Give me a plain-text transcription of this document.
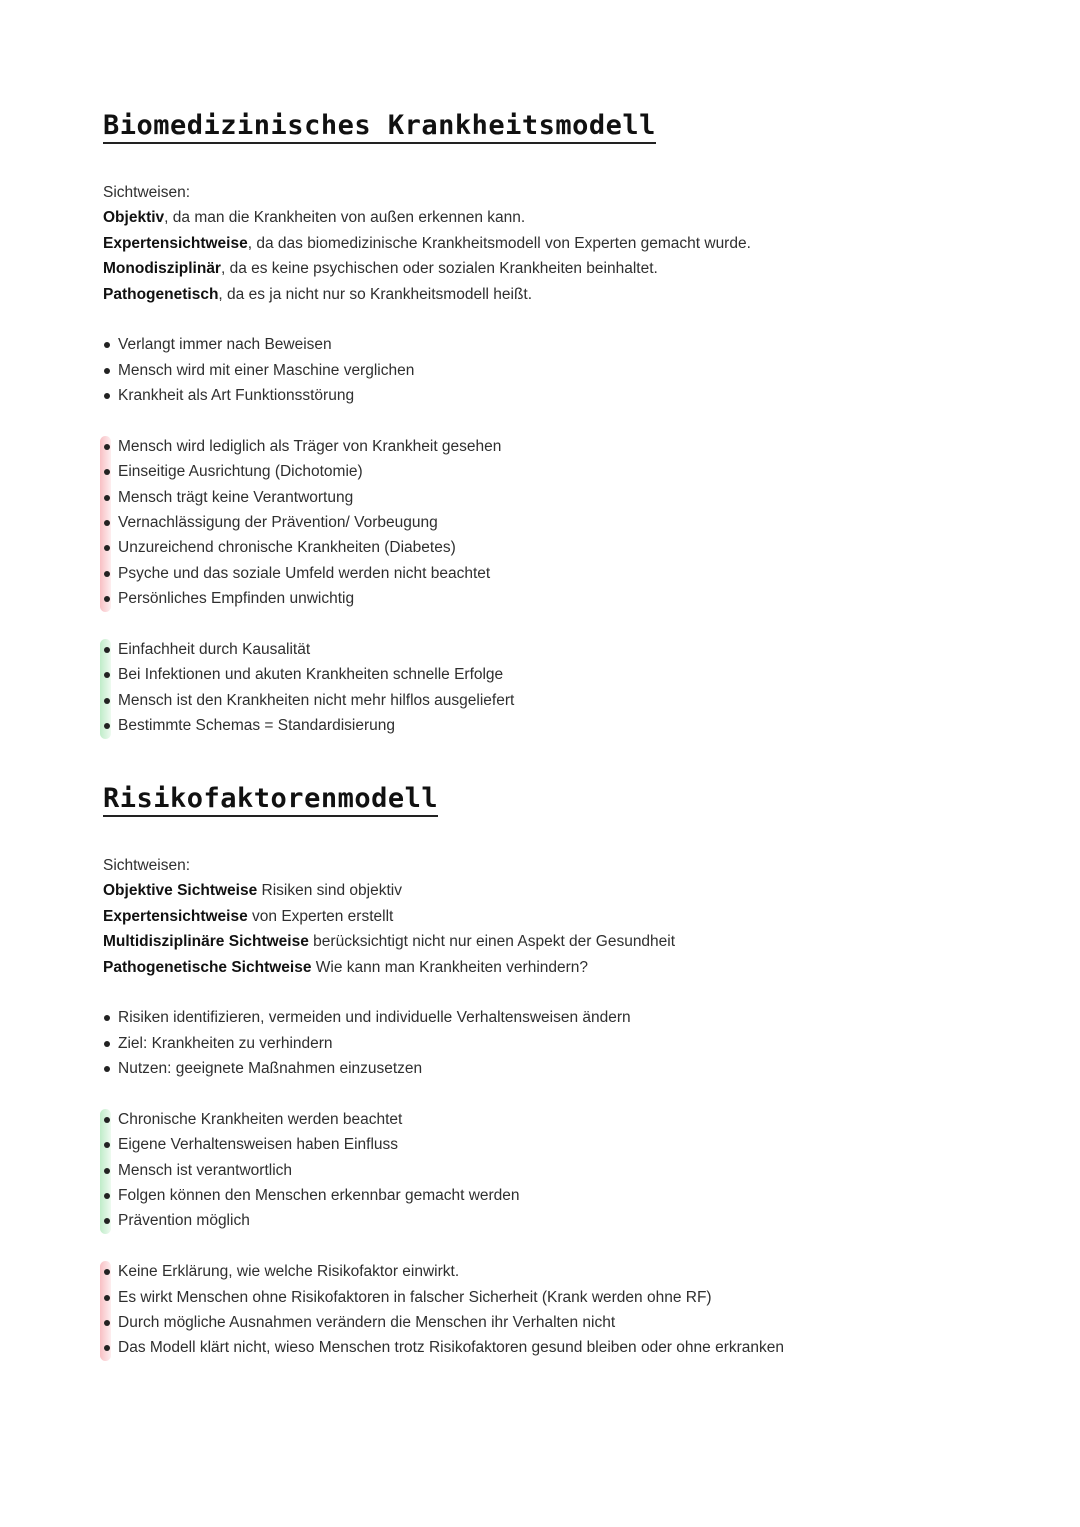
Biomedizinisches Krankheitsmodell
Sichtweisen:
Objektiv, da man die Krankheiten von außen erkennen kann.
Expertensichtweise, da das biomedizinische Krankheitsmodell von Experten gemacht wurde.
Monodisziplinär, da es keine psychischen oder sozialen Krankheiten beinhaltet.
Pathogenetisch, da es ja nicht nur so Krankheitsmodell heißt.
Verlangt immer nach Beweisen
Mensch wird mit einer Maschine verglichen
Krankheit als Art Funktionsstörung
Mensch wird lediglich als Träger von Krankheit gesehen
Einseitige Ausrichtung (Dichotomie)
Mensch trägt keine Verantwortung
Vernachlässigung der Prävention/ Vorbeugung
Unzureichend chronische Krankheiten (Diabetes)
Psyche und das soziale Umfeld werden nicht beachtet
Persönliches Empfinden unwichtig
Einfachheit durch Kausalität
Bei Infektionen und akuten Krankheiten schnelle Erfolge
Mensch ist den Krankheiten nicht mehr hilflos ausgeliefert
Bestimmte Schemas = Standardisierung
Risikofaktorenmodell
Sichtweisen:
Objektive Sichtweise Risiken sind objektiv
Expertensichtweise von Experten erstellt
Multidisziplinäre Sichtweise berücksichtigt nicht nur einen Aspekt der Gesundheit
Pathogenetische Sichtweise Wie kann man Krankheiten verhindern?
Risiken identifizieren, vermeiden und individuelle Verhaltensweisen ändern
Ziel: Krankheiten zu verhindern
Nutzen: geeignete Maßnahmen einzusetzen
Chronische Krankheiten werden beachtet
Eigene Verhaltensweisen haben Einfluss
Mensch ist verantwortlich
Folgen können den Menschen erkennbar gemacht werden
Prävention möglich
Keine Erklärung, wie welche Risikofaktor einwirkt.
Es wirkt Menschen ohne Risikofaktoren in falscher Sicherheit (Krank werden ohne RF)
Durch mögliche Ausnahmen verändern die Menschen ihr Verhalten nicht
Das Modell klärt nicht, wieso Menschen trotz Risikofaktoren gesund bleiben oder ohne erkranken
